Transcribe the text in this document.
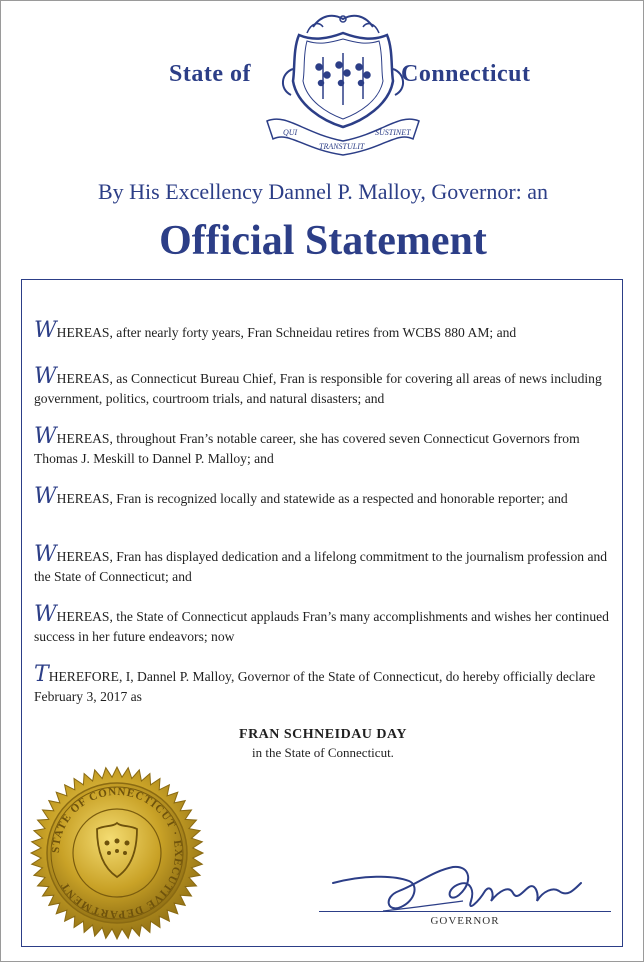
State of
QUI
TRANSTULIT
SUSTINET
Connecticut
By His Excellency Dannel P. Malloy, Governor: an
Official Statement
WHEREAS, after nearly forty years, Fran Schneidau retires from WCBS 880 AM; and
WHEREAS, as Connecticut Bureau Chief, Fran is responsible for covering all areas of news including government, politics, courtroom trials, and natural disasters; and
WHEREAS, throughout Fran’s notable career, she has covered seven Connecticut Governors from Thomas J. Meskill to Dannel P. Malloy; and
WHEREAS, Fran is recognized locally and statewide as a respected and honorable reporter; and
WHEREAS, Fran has displayed dedication and a lifelong commitment to the journalism profession and the State of Connecticut; and
WHEREAS, the State of Connecticut applauds Fran’s many accomplishments and wishes her continued success in her future endeavors; now
THEREFORE, I, Dannel P. Malloy, Governor of the State of Connecticut, do hereby officially declare February 3, 2017 as
FRAN SCHNEIDAU DAY
in the State of Connecticut.
STATE OF CONNECTICUT · EXECUTIVE DEPARTMENT
GOVERNOR
